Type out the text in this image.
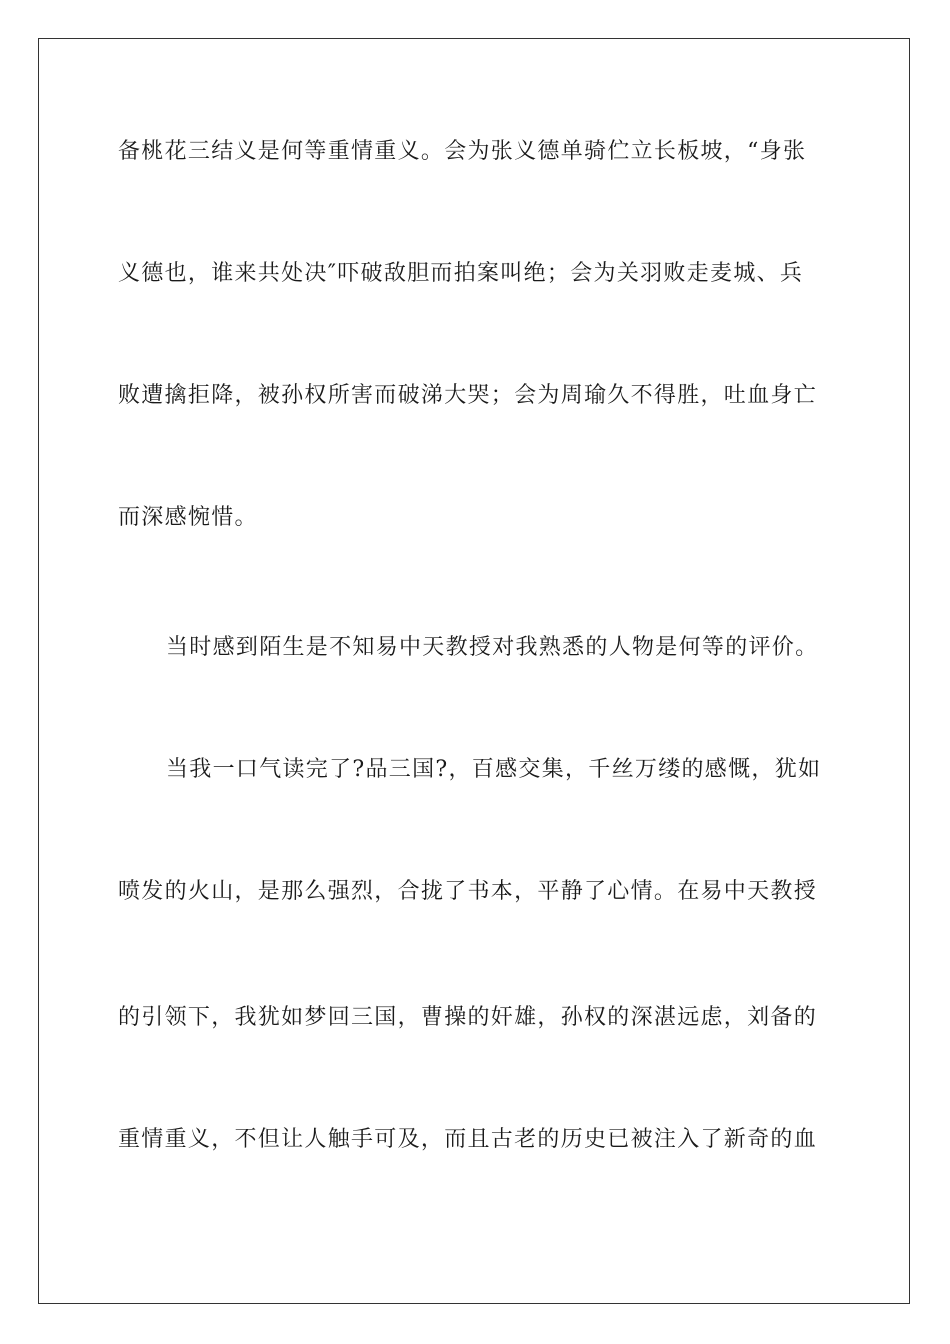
备桃花三结义是何等重情重义。会为张义德单骑伫立长板坡，“身张
义德也，谁来共处决″吓破敌胆而拍案叫绝；会为关羽败走麦城、兵
败遭擒拒降，被孙权所害而破涕大哭；会为周瑜久不得胜，吐血身亡
而深感惋惜。
当时感到陌生是不知易中天教授对我熟悉的人物是何等的评价。
当我一口气读完了?品三国?，百感交集，千丝万缕的感慨，犹如
喷发的火山，是那么强烈，合拢了书本，平静了心情。在易中天教授
的引领下，我犹如梦回三国，曹操的奸雄，孙权的深湛远虑，刘备的
重情重义，不但让人触手可及，而且古老的历史已被注入了新奇的血
